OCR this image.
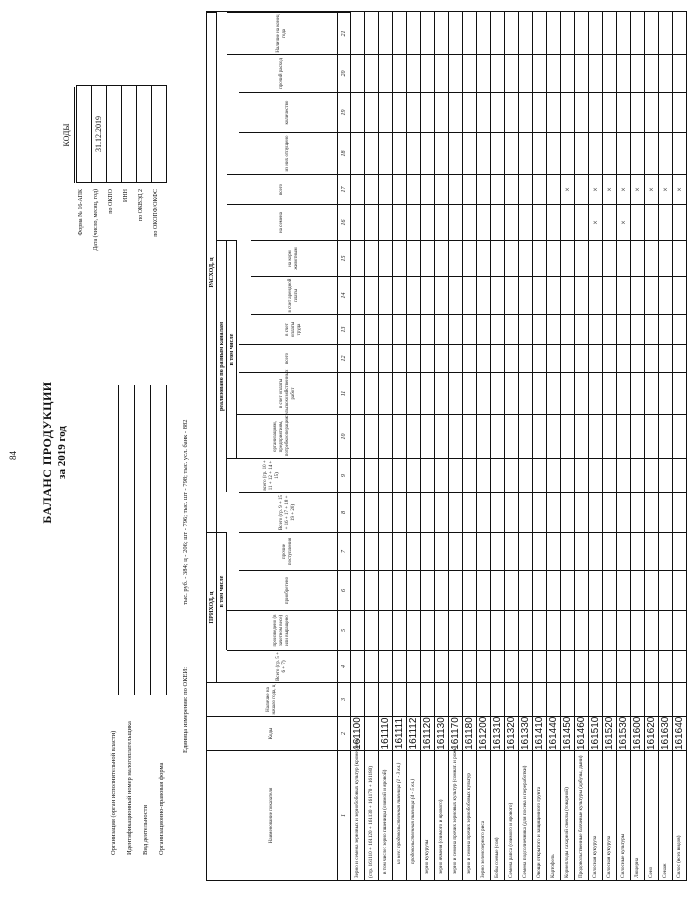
84 БАЛАНС ПРОДУКЦИИ за 2019 год
КОДЫ	31.12.2019
Форма № 16-АПК Дата (число, месяц, год) по ОКПО ИНН по ОКВЭД 2 по ОКОПФ/ОКФС
Организация (орган исполнительной власти) Идентификационный номер налогоплательщика Вид деятельности Организационно-правовая форма
Единица измерения: по ОКЕИ:
тыс. руб. - 384; ц - 206; шт - 796; тыс. шт - 798; тыс. усл. банк - 882
Наименование показателя
Коды
Наличие на начало года, ц
Всего (гр. 5 + 6 + 7)
произведено (в зачетном весе) или выращено
приобретено
прочие поступления
Всего (гр. 9 + 15 + 16 + 17 + 18 + 19 + 20)
всего (гр. 10 + 11 + 12 + 14 + 15)
организациям, предприятиям, потребкооперации
в счет оплаты сельскохозяйственных работ
всего
в счет оплаты труда
в счет арендной платы
на корм животным
на семена
всего
из них отпущено
количество
прочий расход
Наличие на конец года
ПРИХОД, ц
в том числе
РАСХОД, ц
реализовано по разным каналам в том числе
1
2
3
4
5
6
7
8
9
10
11
12
13
14
15
16
17
18
19
20
21
Зерно и семена зерновых и зернобобовых культур (кроме риса)
161100
(стр. 161110 + 161120 + 161130 + 161170 + 161180)	в том числе: зерно пшеницы (озимой и яровой)
161110
из нее: продовольственная пшеница (1 - 3 кл.)
161111
продовольственная пшеница (4 - 5 кл.)
161112
зерно кукурузы
161120
зерно ячменя (озимого и ярового)
161130
зерно и семена прочих зерновых культур (сомнат. и рожь)
161170
зерно и семена прочих зернобобовых культур
161180
Зерно зеленозерного риса
161200
Бобы соевые (соя)
161310
Семена рапса (озимого и ярового)
161320
Семена подсолнечника (для посева и переработки)
161330
Овощи открытого и защищенного грунта
161410
Картофель
161440
Корнеплоды сахарной свеклы (товарной)
161450
×
Продовольственные бахчевые культуры (арбузы, дыни)
161460
Силосная кукуруза
161510
×
×
Силосная кукуруза
161520
×
Силосные культуры
161530
×
×
Люцерна
161600
×
Сено
161620
×
Сенаж
161630
×
Силос (всех видов)
161640
×
